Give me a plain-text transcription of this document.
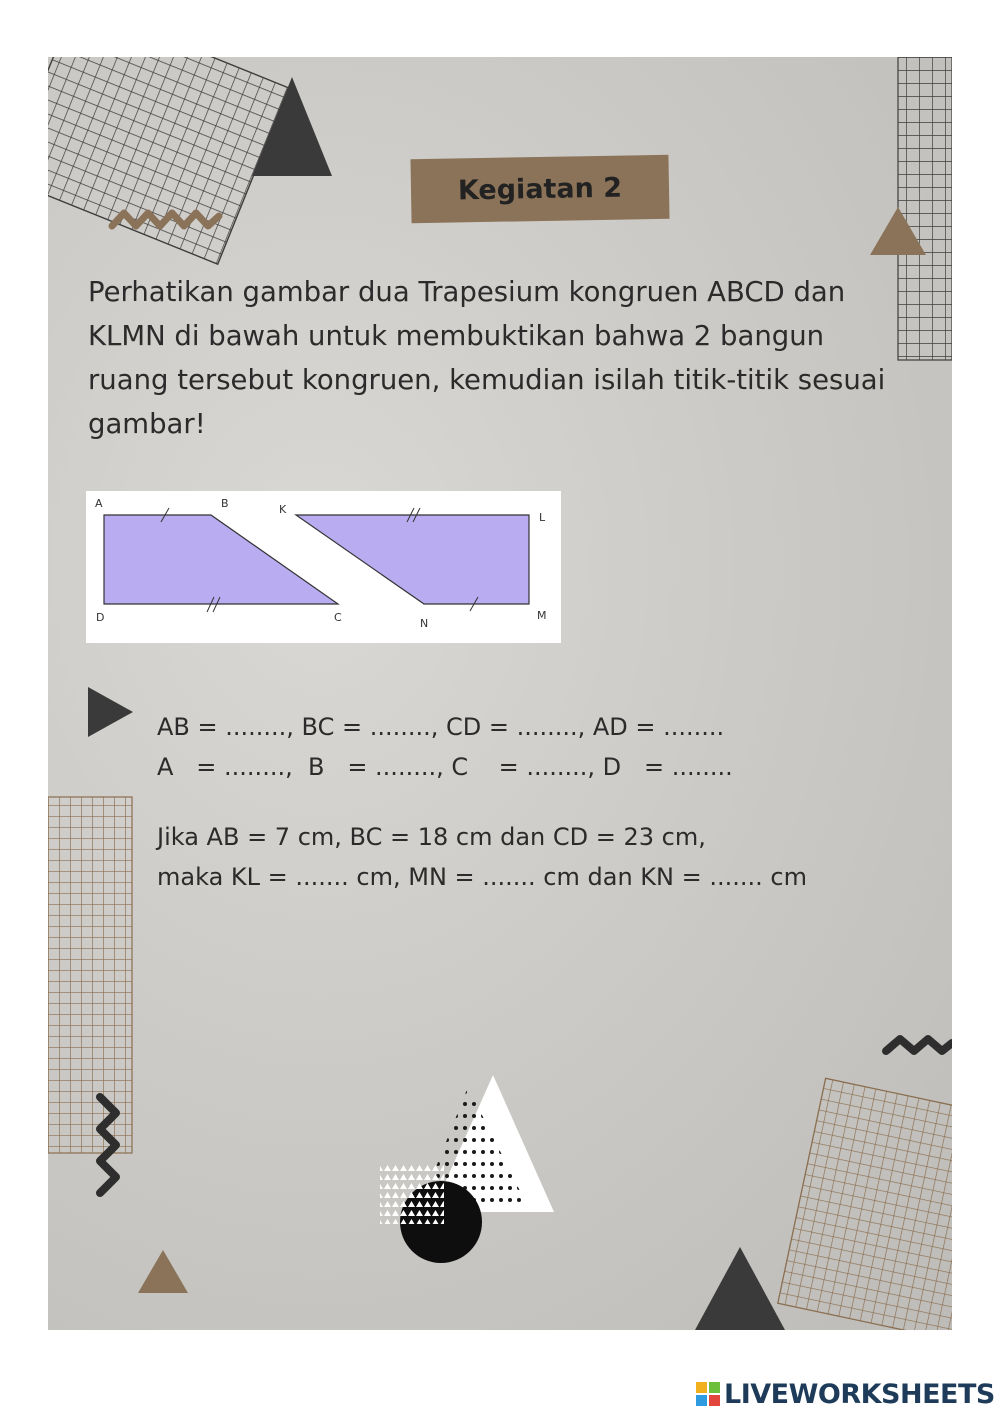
Kegiatan 2
Perhatikan gambar dua Trapesium kongruen ABCD dan KLMN di bawah untuk membuktikan bahwa 2 bangun ruang tersebut kongruen, kemudian isilah titik-titik sesuai gambar!
A	B
C
D
K
L
M
N
AB = ........, BC = ........, CD = ........, AD = ........
A   = ........,  B   = ........, C    = ........, D   = ........
Jika AB = 7 cm, BC = 18 cm dan CD = 23 cm,
maka KL = ....... cm, MN = ....... cm dan KN = ....... cm
LIVEWORKSHEETS
